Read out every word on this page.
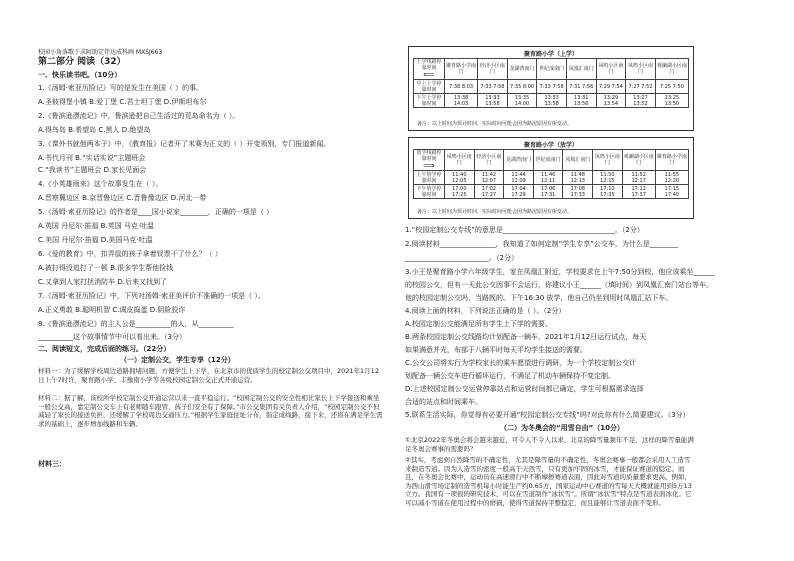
校园小角落歌于求阿助定伴达成科画 MXSJ663
第二部分 阅读（32）
一、快乐读书吧。（10分）
1.《汤姆·索亚历险记》写的是发生在美国（ ）的事。
A.圣彼得堡小镇 B.爱丁堡 C.君士坦丁堡 D.伊斯坦布尔
2.《鲁滨逊漂流记》中，鲁滨逊把自己生活过的荒岛命名为（ ）。
A.得鸟岛 B.希望岛 C.黑人 D.绝望岛
3.《课外书就他两本子》中，《教育报》记者开了米赛为正文的（ ）开变领别，专门报道新闻。
A.书代月刊 B.“实话实说”主题班会
C.“我读书”主题班会 D.家长见面会
4.《小英雄雨来》这个故事发生在（ ）。
A.晋察冀边区 B.京晋鲁边区 C.晋鲁豫边区 D.河北一带
5.《汤姆·索亚历险记》的作者是____国小说家________，正确的一项是（ ）
A.英国 丹尼尔·笛福 B.英国 马克·吐温
C.美国 丹尼尔·笛福 D.美国马克·吐温
6.《爱的教育》中，扣弄鼠的孩子拿着钗票干了什么？（ ）
A.被打得没追打了一顿 B.很多学生帮他捡钱
C.又拿到人家打扰消防车 D.后来又找到了
7.《汤姆·索亚历险记》中，下列对汤姆·索亚美评价不准确的一项是（ ）。
A.正义勇敢 B.聪明机智 C.调皮捣蛋 D.阴险狡诈
8.《鲁滨逊漂流记》的主人公是__________的人，从__________
__________这个故事情节中可以看出来。（3分）
二、阅读短文，完成后面的练习。（22分）
（一）定制公交，学生专享（12分）
材料一：为了缓解学校周边道路拥堵问题，方便学生上下学，在北京市的优质学生的校定制公交项目中，2021年1月12日上午7时许，聚育路小学、丰豫南小学等各级校园定制公交正式开通运营。
材料二：据了解，该校所学校定制公交开通运营以来一直平稳运行。“校园定制公交的安全性相比家长上下学接送和乘坐一般公交高，靠定制公交车上有老师随车跟管，孩子们安全有了保障。”市公交集团有关负责人介绍，“校园定制公交不但减轻了家长的接送负担，还缓解了学校周边交通压力。”根据学生家庭住址分布，指定成线路，接下来，还将在满足学生需求的基础上，逐步增加线路和车辆。
材料三：
聚育路小学（上学）
上学线路停靠时间
⟸	聚育路小学南门	经济小区南门	龙湖湾南门	世纪成南门	凤凰汇南门	凤鸣小区南门	凤鸣小区南门	观澜湖小区南门
早上上学停靠时间	7:38 8:03	7:33 7:58	7:35 8:00	7:33 7:58	7:31 7:56	7:29 7:54	7:27 7:52	7:25 7:50
下午上学停靠时间	13:38 14:03	13:33 13:58	13:35 14:00	13:33 13:58	13:31 13:56	13:29 13:54	13:27 13:52	13:25 13:50
备注：以上时间为预计时间，实际时间可能会因为路况原因有所变动。
聚育路小学（放学）
放学线路停靠时间
⟹	凤鸣小区南门	经济小区南门	龙湖湾南门	世纪成南门	凤凰汇南门	凤鸣小区南门	观澜湖小区南门	聚育路小学南门
上午放学停靠时间	11:40 12:05	11:42 12:07	11:44 12:09	11:46 12:11	11:48 12:13	11:50 12:15	11:52 12:17	11:55 12:20
下午放学停靠时间	17:00 17:25	17:02 17:27	17:04 17:29	17:06 17:31	17:08 17:33	17:10 17:35	17:12 17:37	17:15 17:40
备注：以上时间为预计时间，实际时间可能会因为路况原因有所变动。
1.“校园定制公交专线”的意思是________________________________。（2分）
2.阅读材料________________，我知道了如何定制“学生专享”公交车，为什么是________
________________________。（2分）
3.小王是聚育路小学六年级学生，家在凤凰汇附近，学校要求在上午7:50分到校，他应该乘坐______
的校园公交，但有一天此公交因事不会运行，你建议小王______（填时间）到凤凰汇南门站台等车。
他的校园定制公交吗，当路旣的。下午16:30 放学，他自己仍坐到用时凤凰汇站下车。
4.阅读上面的材料，下列说法正确的是（ ）。（2分）
A.校园定制公交能满足所有学生上下学的需要。
B.两条校园定制公交线路均计划配备一辆车，2021年1月12日运行试点，每天
如果满意并光，布部于八辆平时每天平均学生接送的需要。
C.公交公司将实行为学校家长的乘车愿望进行调研，为一个学校定制公交计
划配备一辆公交车进行循环运行，不满足了机动车辆保持不变定制。
D.上述校园定制公交运营停靠站点和运营时间都已确定，学生可根据需求选择
合适的站点和时间乘车。
5.联系生活实际，你觉得有必要开通“校园定制公交专线”吗?对此你有什么简要建议。（3分）
（二）为冬奥会的“用雪自由”（10分）
①北京2022年冬奥会将会越来越近，可令人不令人以求，北京的降雪量频年不足，这样的降雪量能满足冬奥会赛事的需要吗？
②其实，考虑到自然降雪的不确定性，尤其是降雪量的不确定性，冬奥会赛事一般都会采用人工造雪来制造雪道。因为人造雪的密度一般高于天然雪，只有更加牢固的冰雪，才能保证赛道的稳定。而且，在冬奥会比赛中，运动员在高速滑行中不断摩擦赛道表面，因此对雪道的质量要求更高。例如，为西山滑雪场定制的造雪机每小时能生产约0.65方，国家运动中心赛道的雪每天大概就能用到5万13立方。我国有一项很的研究技术，可以在雪道制作“冰状雪”。所谓“冰状雪”特点是雪道表面冰化。它可以减小雪道在使用过程中的磨损，使得雪道保持平整稳定，而且能够让雪道表面不变形。
